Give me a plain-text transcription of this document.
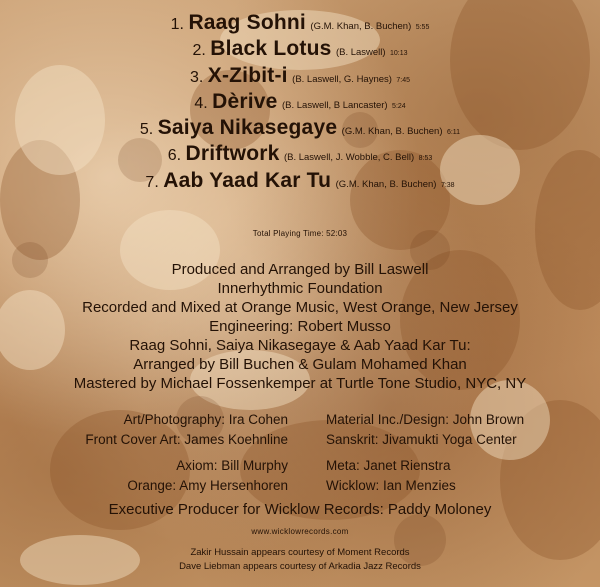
1. Raag Sohni (G.M. Khan, B. Buchen) 5:55
2. Black Lotus (B. Laswell) 10:13
3. X-Zibit-i (B. Laswell, G. Haynes) 7:45
4. Dèrive (B. Laswell, B Lancaster) 5:24
5. Saiya Nikasegaye (G.M. Khan, B. Buchen) 6:11
6. Driftwork (B. Laswell, J. Wobble, C. Bell) 8:53
7. Aab Yaad Kar Tu (G.M. Khan, B. Buchen) 7:38
Total Playing Time: 52:03
Produced and Arranged by Bill Laswell
Innerhythmic Foundation
Recorded and Mixed at Orange Music, West Orange, New Jersey
Engineering: Robert Musso
Raag Sohni, Saiya Nikasegaye & Aab Yaad Kar Tu:
Arranged by Bill Buchen & Gulam Mohamed Khan
Mastered by Michael Fossenkemper at Turtle Tone Studio, NYC, NY
Art/Photography: Ira Cohen
Front Cover Art: James Koehnline
Material Inc./Design: John Brown
Sanskrit: Jivamukti Yoga Center
Axiom: Bill Murphy
Orange: Amy Hersenhoren
Meta: Janet Rienstra
Wicklow: Ian Menzies
Executive Producer for Wicklow Records: Paddy Moloney
www.wicklowrecords.com
Zakir Hussain appears courtesy of Moment Records
Dave Liebman appears courtesy of Arkadia Jazz Records
